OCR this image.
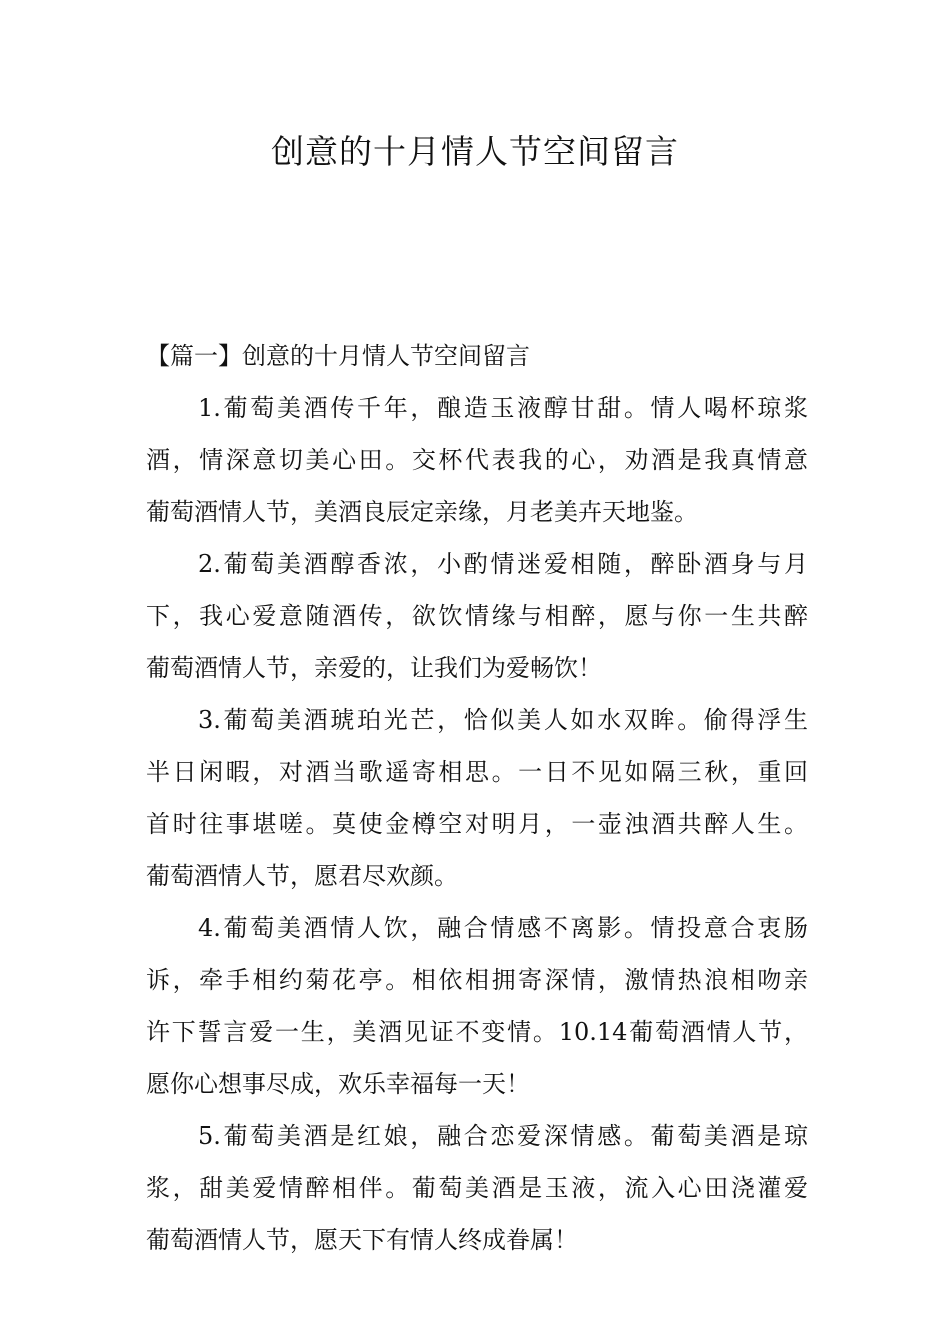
创意的十月情人节空间留言

【篇一】创意的十月情人节空间留言

1.葡萄美酒传千年，酿造玉液醇甘甜。情人喝杯琼浆
酒，情深意切美心田。交杯代表我的心，劝酒是我真情意
葡萄酒情人节，美酒良辰定亲缘，月老美卉天地鉴。
2.葡萄美酒醇香浓，小酌情迷爱相随，醉卧酒身与月
下，我心爱意随酒传，欲饮情缘与相醉，愿与你一生共醉
葡萄酒情人节，亲爱的，让我们为爱畅饮！
3.葡萄美酒琥珀光芒，恰似美人如水双眸。偷得浮生
半日闲暇，对酒当歌遥寄相思。一日不见如隔三秋，重回
首时往事堪嗟。莫使金樽空对明月，一壶浊酒共醉人生。
葡萄酒情人节，愿君尽欢颜。
4.葡萄美酒情人饮，融合情感不离影。情投意合衷肠
诉，牵手相约菊花亭。相依相拥寄深情，激情热浪相吻亲
许下誓言爱一生，美酒见证不变情。10.14葡萄酒情人节，
愿你心想事尽成，欢乐幸福每一天！
5.葡萄美酒是红娘，融合恋爱深情感。葡萄美酒是琼
浆，甜美爱情醉相伴。葡萄美酒是玉液，流入心田浇灌爱
葡萄酒情人节，愿天下有情人终成眷属！
